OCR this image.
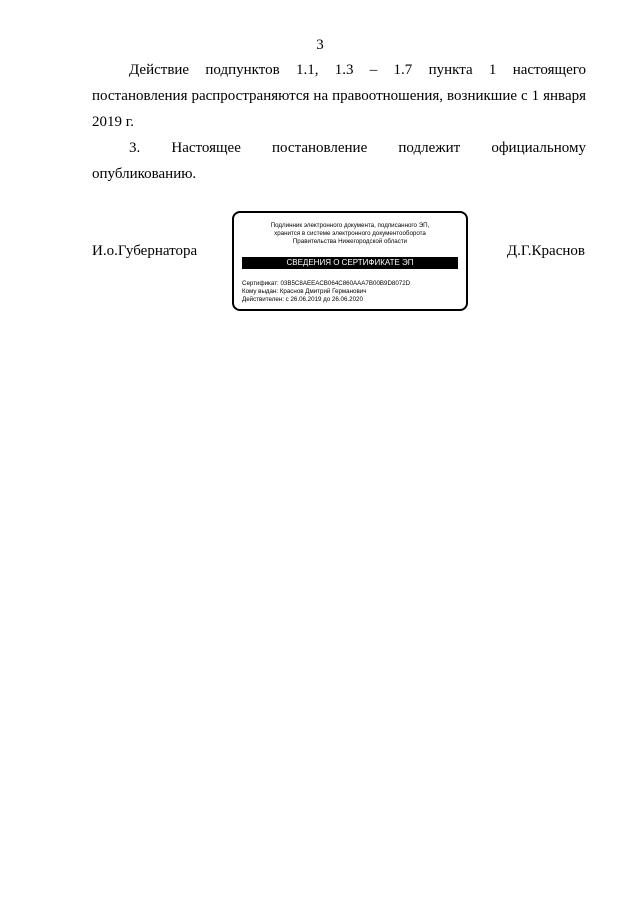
3
Действие подпунктов 1.1, 1.3 – 1.7 пункта 1 настоящего
постановления распространяются на правоотношения, возникшие с 1 января
2019 г.
3. Настоящее постановление подлежит официальному
опубликованию.
И.о.Губернатора
Подлинник электронного документа, подписанного ЭП,
хранится в системе электронного документооборота
Правительства Нижегородской области
СВЕДЕНИЯ О СЕРТИФИКАТЕ ЭП
Сертификат: 03B5C8AEEACB064C860AAA7B00B9D8072D
Кому выдан: Краснов Дмитрий Германович
Действителен: с 26.06.2019 до 26.06.2020
Д.Г.Краснов
